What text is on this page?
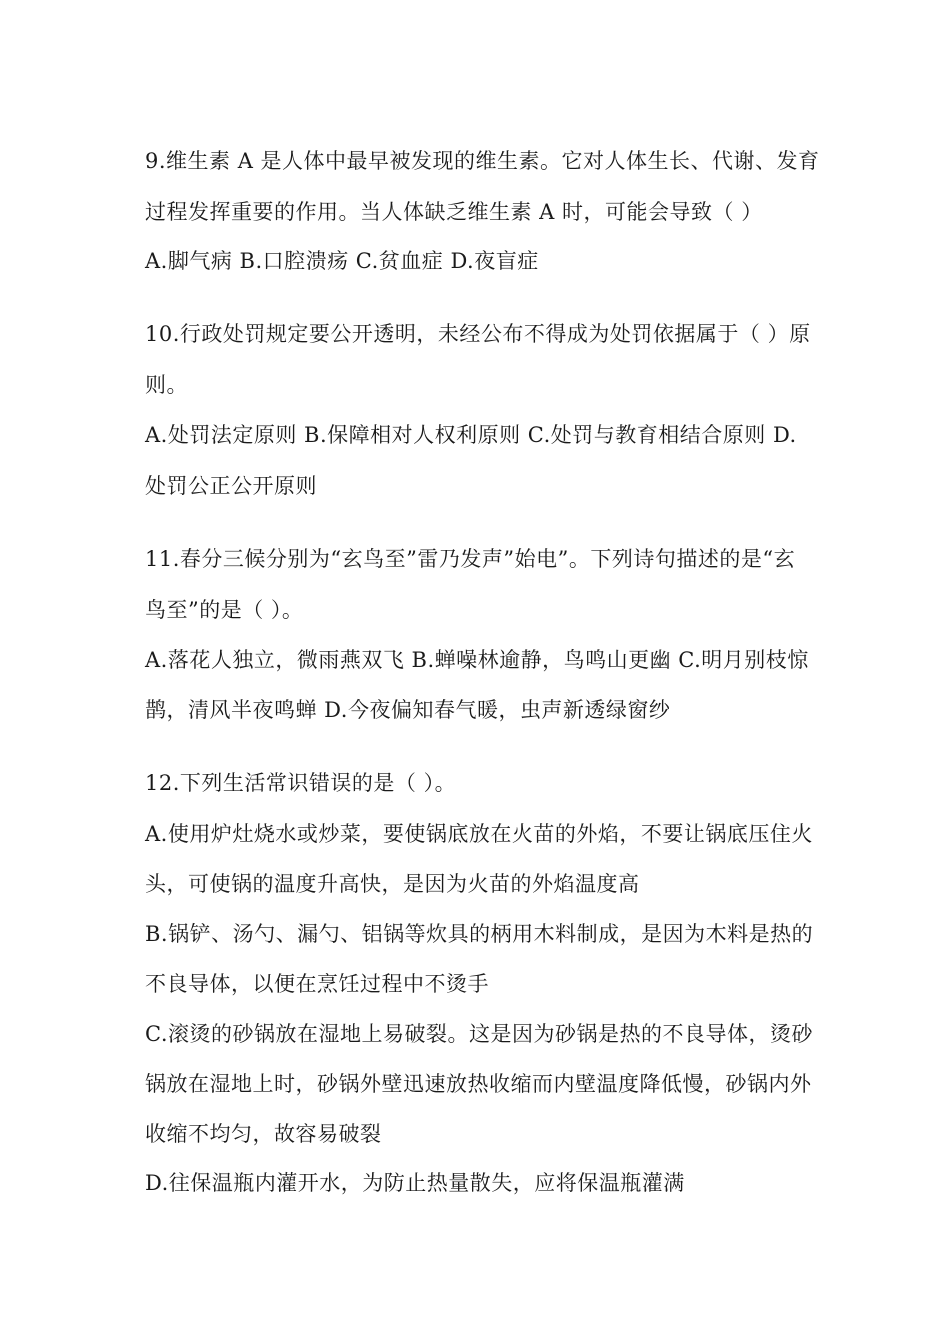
9.维生素 A 是人体中最早被发现的维生素。它对人体生长、代谢、发育
过程发挥重要的作用。当人体缺乏维生素 A 时，可能会导致（ ）
A.脚气病 B.口腔溃疡 C.贫血症 D.夜盲症
10.行政处罚规定要公开透明，未经公布不得成为处罚依据属于（ ）原
则。
A.处罚法定原则 B.保障相对人权利原则 C.处罚与教育相结合原则 D.
处罚公正公开原则
11.春分三候分别为“玄鸟至”雷乃发声”始电”。下列诗句描述的是“玄
鸟至”的是（ ）。
A.落花人独立，微雨燕双飞 B.蝉噪林逾静，鸟鸣山更幽 C.明月别枝惊
鹊，清风半夜鸣蝉 D.今夜偏知春气暖，虫声新透绿窗纱
12.下列生活常识错误的是（ ）。
A.使用炉灶烧水或炒菜，要使锅底放在火苗的外焰，不要让锅底压住火
头，可使锅的温度升高快，是因为火苗的外焰温度高
B.锅铲、汤勺、漏勺、铝锅等炊具的柄用木料制成，是因为木料是热的
不良导体，以便在烹饪过程中不烫手
C.滚烫的砂锅放在湿地上易破裂。这是因为砂锅是热的不良导体，烫砂
锅放在湿地上时，砂锅外壁迅速放热收缩而内壁温度降低慢，砂锅内外
收缩不均匀，故容易破裂
D.往保温瓶内灌开水，为防止热量散失，应将保温瓶灌满
